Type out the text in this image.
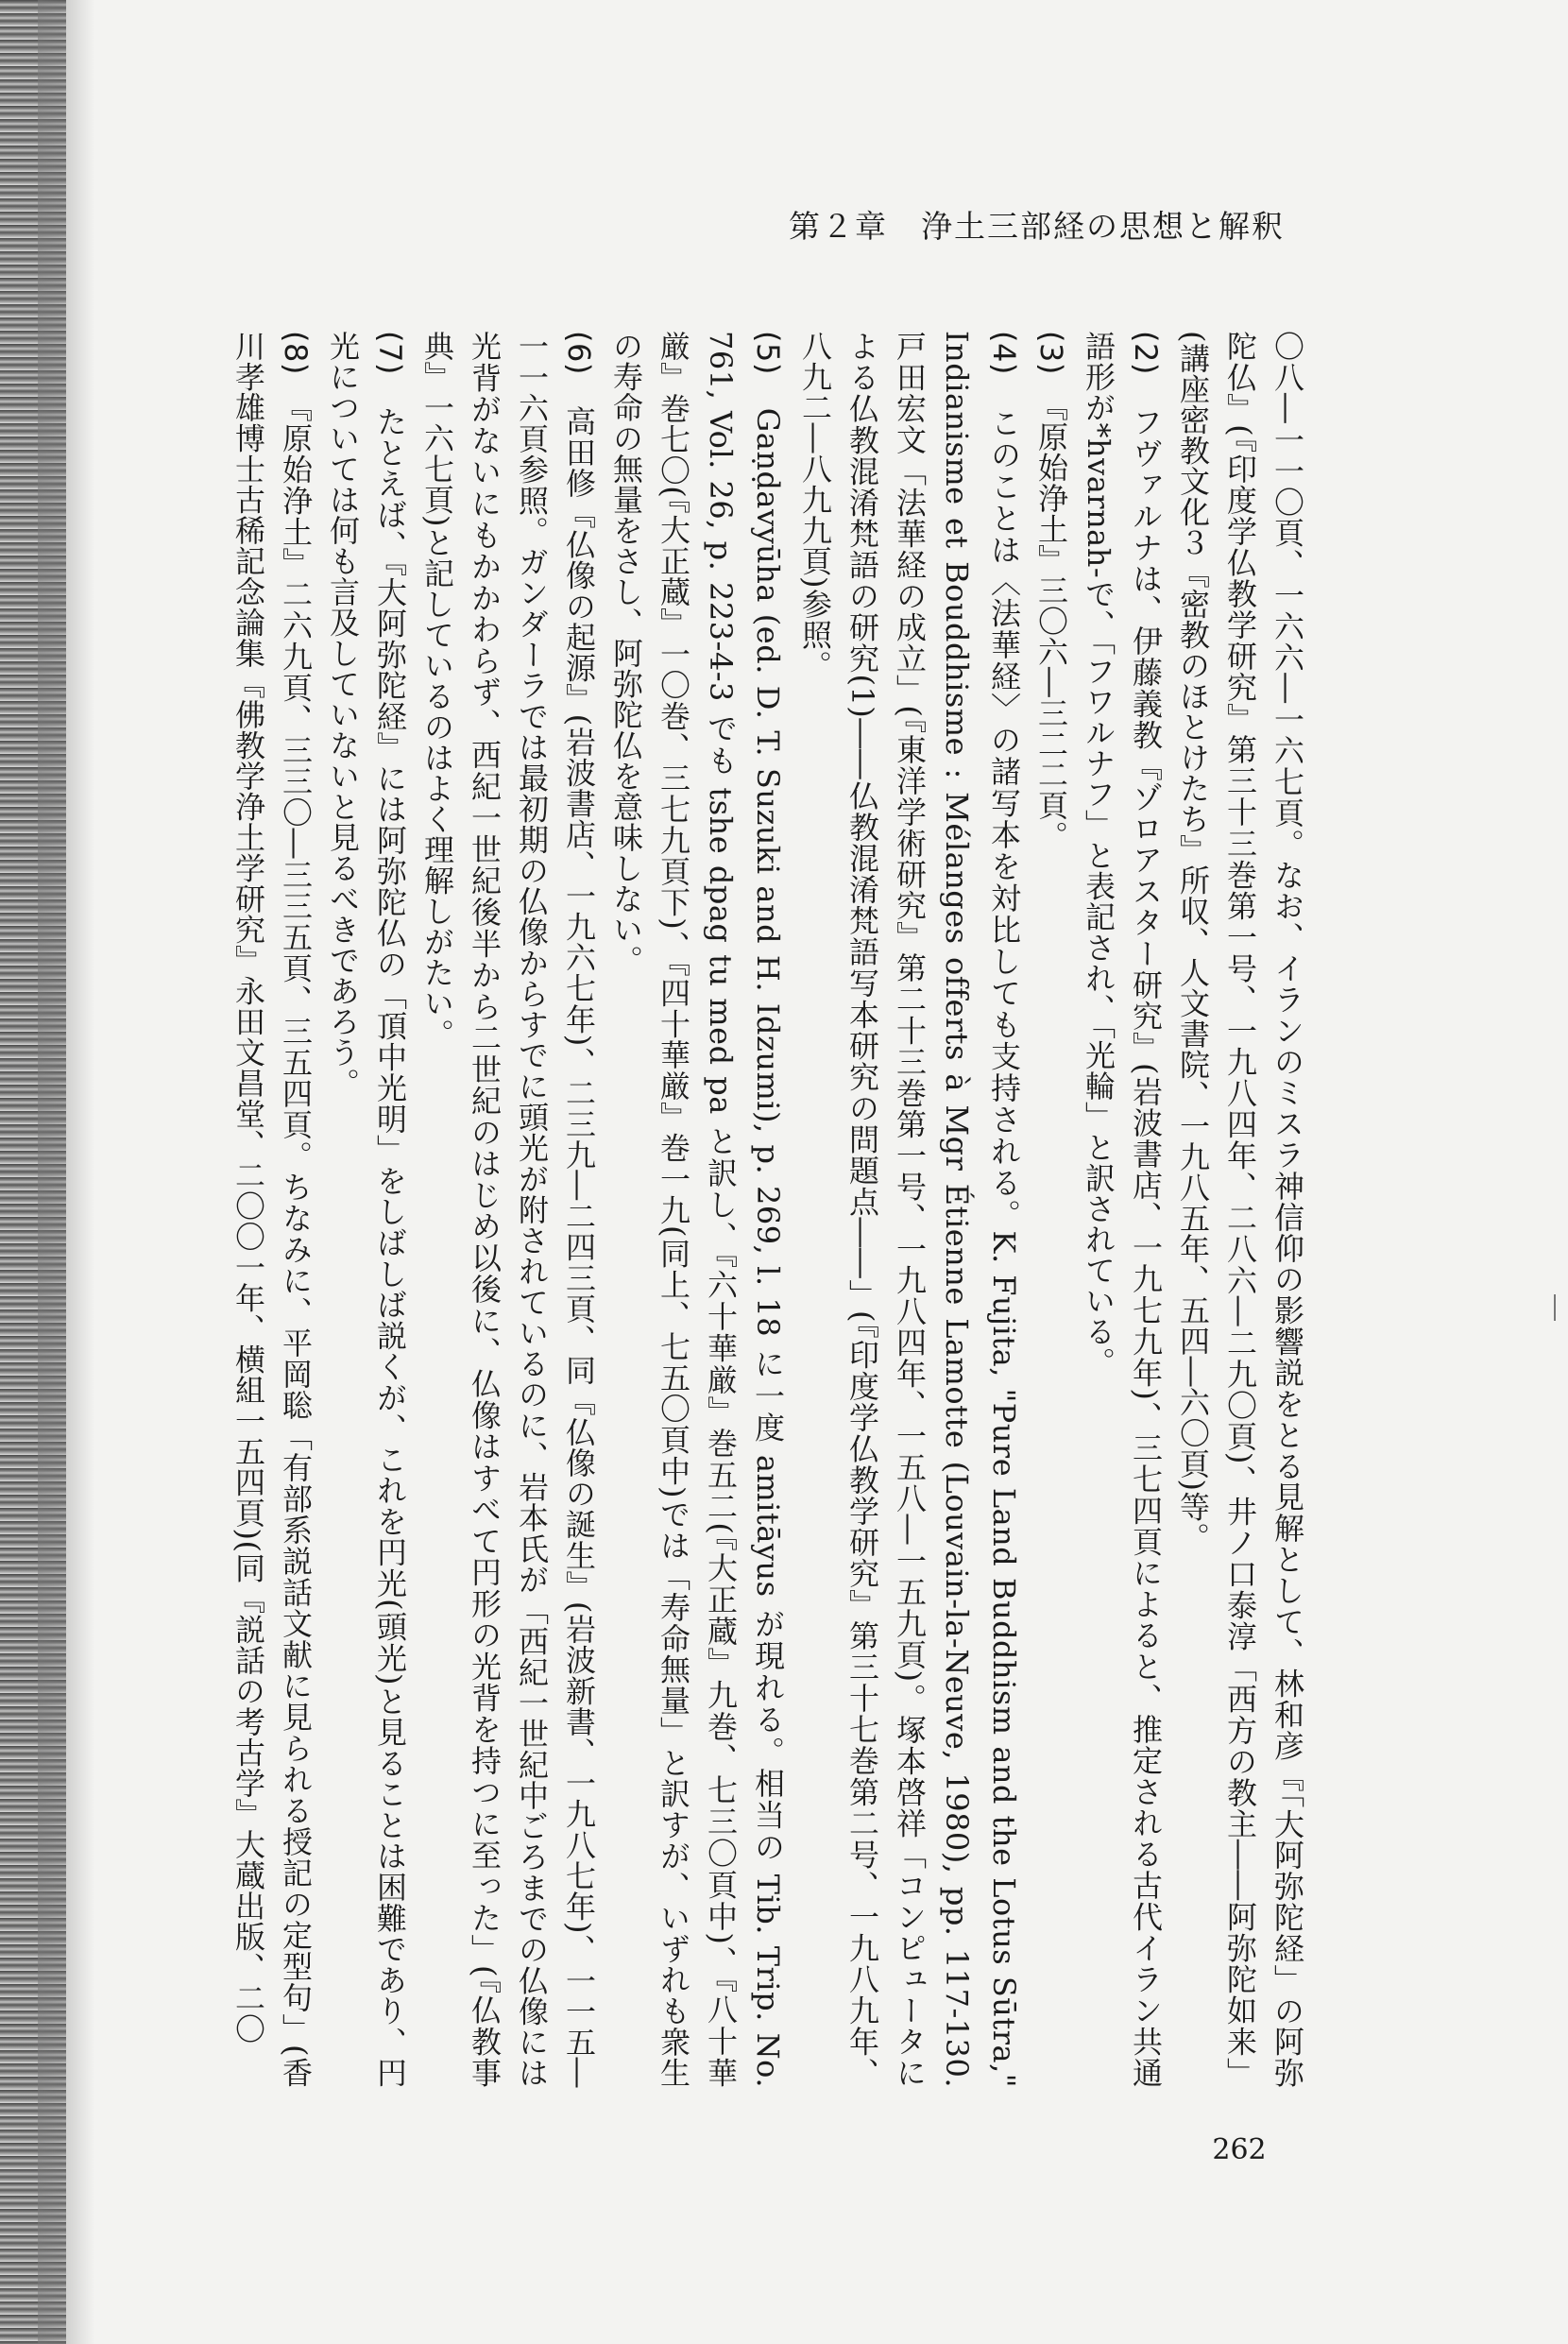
第２章　浄土三部経の思想と解釈

〇八―一一〇頁、一六六―一六七頁。なお、イランのミスラ神信仰の影響説をとる見解として、林和彦『「大阿弥陀経」の阿弥陀仏』(『印度学仏教学研究』第三十三巻第一号、一九八四年、二八六―二九〇頁)、井ノ口泰淳「西方の教主――阿弥陀如来」(講座密教文化３『密教のほとけたち』所収、人文書院、一九八五年、五四―六〇頁)等。

(2)　フヴァルナは、伊藤義教『ゾロアスター研究』(岩波書店、一九七九年)、三七四頁によると、推定される古代イラン共通語形が*hvarnah-で、「フワルナフ」と表記され、「光輪」と訳されている。

(3)　『原始浄土』三〇六―三二二頁。

(4)　このことは〈法華経〉の諸写本を対比しても支持される。K. Fujita, "Pure Land Buddhism and the Lotus Sūtra," Indianisme et Bouddhisme : Mélanges offerts à Mgr Étienne Lamotte (Louvain-la-Neuve, 1980), pp. 117-130. 戸田宏文「法華経の成立」(『東洋学術研究』第二十三巻第一号、一九八四年、一五八―一五九頁)。塚本啓祥「コンピュータによる仏教混淆梵語の研究(1)――仏教混淆梵語写本研究の問題点――」(『印度学仏教学研究』第三十七巻第二号、一九八九年、八九二―八九九頁)参照。

(5)　Gaṇḍavyūha (ed. D. T. Suzuki and H. Idzumi), p. 269, l. 18 に一度 amitāyus が現れる。相当の Tib. Trip. No. 761, Vol. 26, p. 223-4-3 でも tshe dpag tu med pa と訳し、『六十華厳』巻五二(『大正蔵』九巻、七三〇頁中)、『八十華厳』巻七〇(『大正蔵』一〇巻、三七九頁下)、『四十華厳』巻一九(同上、七五〇頁中)では「寿命無量」と訳すが、いずれも衆生の寿命の無量をさし、阿弥陀仏を意味しない。

(6)　高田修『仏像の起源』(岩波書店、一九六七年)、二三九―二四三頁、同『仏像の誕生』(岩波新書、一九八七年)、一一五―一一六頁参照。ガンダーラでは最初期の仏像からすでに頭光が附されているのに、岩本氏が「西紀一世紀中ごろまでの仏像には光背がないにもかかわらず、西紀一世紀後半から二世紀のはじめ以後に、仏像はすべて円形の光背を持つに至った」(『仏教事典』一六七頁)と記しているのはよく理解しがたい。

(7)　たとえば、『大阿弥陀経』には阿弥陀仏の「頂中光明」をしばしば説くが、これを円光(頭光)と見ることは困難であり、円光については何も言及していないと見るべきであろう。

(8)　『原始浄土』二六九頁、三三〇―三三五頁、三五四頁。ちなみに、平岡聡「有部系説話文献に見られる授記の定型句」(香川孝雄博士古稀記念論集『佛教学浄土学研究』永田文昌堂、二〇〇一年、横組一五四頁)(同『説話の考古学』大蔵出版、二〇

262
